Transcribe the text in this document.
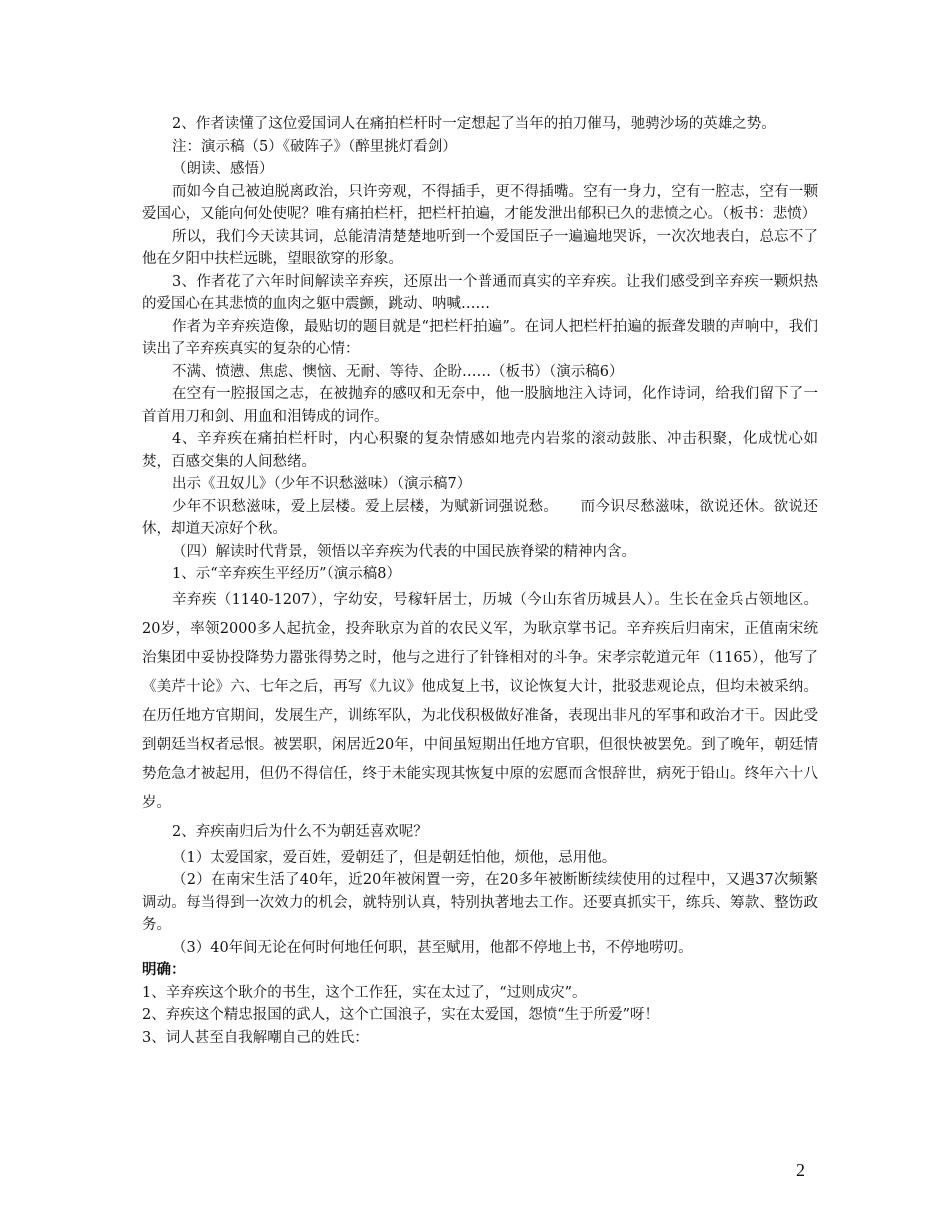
2、作者读懂了这位爱国词人在痛拍栏杆时一定想起了当年的拍刀催马，驰骋沙场的英雄之势。

注：演示稿（5）《破阵子》（醉里挑灯看剑）

（朗读、感悟）

而如今自己被迫脱离政治，只许旁观，不得插手，更不得插嘴。空有一身力，空有一腔志，空有一颗爱国心，又能向何处使呢？唯有痛拍栏杆，把栏杆拍遍，才能发泄出郁积已久的悲愤之心。（板书：悲愤）

所以，我们今天读其词，总能清清楚楚地听到一个爱国臣子一遍遍地哭诉，一次次地表白，总忘不了他在夕阳中扶栏远眺，望眼欲穿的形象。

3、作者花了六年时间解读辛弃疾，还原出一个普通而真实的辛弃疾。让我们感受到辛弃疾一颗炽热的爱国心在其悲愤的血肉之躯中震颤，跳动、呐喊……

作者为辛弃疾造像，最贴切的题目就是“把栏杆拍遍”。在词人把栏杆拍遍的振聋发聩的声响中，我们读出了辛弃疾真实的复杂的心情：

不满、愤懑、焦虑、懊恼、无耐、等待、企盼……（板书）（演示稿6）

在空有一腔报国之志，在被抛弃的感叹和无奈中，他一股脑地注入诗词，化作诗词，给我们留下了一首首用刀和剑、用血和泪铸成的词作。

4、辛弃疾在痛拍栏杆时，内心积聚的复杂情感如地壳内岩浆的滚动鼓胀、冲击积聚，化成忧心如焚，百感交集的人间愁绪。

出示《丑奴儿》（少年不识愁滋味）（演示稿7）

少年不识愁滋味，爱上层楼。爱上层楼，为赋新词强说愁。　　而今识尽愁滋味，欲说还休。欲说还休，却道天凉好个秋。

（四）解读时代背景，领悟以辛弃疾为代表的中国民族脊梁的精神内含。

1、示“辛弃疾生平经历”（演示稿8）

辛弃疾（1140-1207），字幼安，号稼轩居士，历城（今山东省历城县人）。生长在金兵占领地区。20岁，率领2000多人起抗金，投奔耿京为首的农民义军，为耿京掌书记。辛弃疾后归南宋，正值南宋统治集团中妥协投降势力嚣张得势之时，他与之进行了针锋相对的斗争。宋孝宗乾道元年（1165），他写了《美芹十论》六、七年之后，再写《九议》他成复上书，议论恢复大计，批驳悲观论点，但均未被采纳。在历任地方官期间，发展生产，训练军队，为北伐积极做好准备，表现出非凡的军事和政治才干。因此受到朝廷当权者忌恨。被罢职，闲居近20年，中间虽短期出任地方官职，但很快被罢免。到了晚年，朝廷情势危急才被起用，但仍不得信任，终于未能实现其恢复中原的宏愿而含恨辞世，病死于铅山。终年六十八岁。

2、弃疾南归后为什么不为朝廷喜欢呢？

（1）太爱国家，爱百姓，爱朝廷了，但是朝廷怕他，烦他，忌用他。

（2）在南宋生活了40年，近20年被闲置一旁，在20多年被断断续续使用的过程中，又遇37次频繁调动。每当得到一次效力的机会，就特别认真，特别执著地去工作。还要真抓实干，练兵、筹款、整饬政务。

（3）40年间无论在何时何地任何职，甚至赋用，他都不停地上书，不停地唠叨。

明确：

1、辛弃疾这个耿介的书生，这个工作狂，实在太过了，“过则成灾”。

2、弃疾这个精忠报国的武人，这个亡国浪子，实在太爱国，怨愤“生于所爱”呀！

3、词人甚至自我解嘲自己的姓氏：

2
